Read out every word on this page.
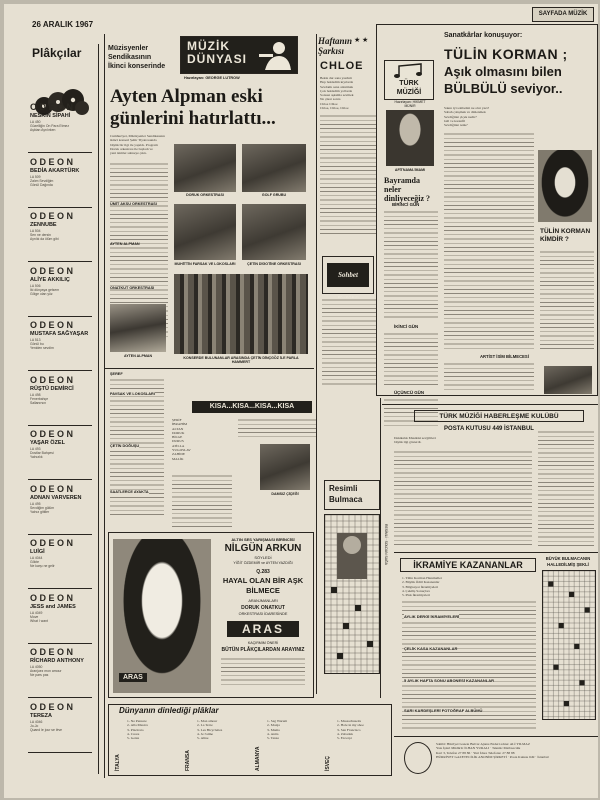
26 ARALIK 1967
SAYFADA MÜZİK
Plâkçılar	Müzisyenler
Sendikasının
İkinci konserinde
MÜZİK
DÜNYASI
Hazırlayan: GEORGE LUTROW
Ayten Alpman eski günlerini hatırlattı...
Cumhuriyet, Müzisyenler Sendikasının
ikinci konseri Şehir Tiyatrosunda
büyük bir ilgi ile yapıldı. Program
Doruk orkestrası ile başladı ve
yeni isimler sahneye çıktı.
ÜMİT AKSU ORKESTRASI
AYTEN ALPMAN
ONATKUT ORKESTRASI
DORUK ORKESTRASI	GOLF GRUBU
MUHİTTİN FARSAK VE LOKOSLARI	ÇETİN DİGOTİNE ORKESTRASI
AYTEN ALPMAN	KONSERDE BULUNANLAR ARASINDA ÇETİN DİNÇGÖZ İLE PARLA HAMMERT
ŞEREF
PAVSAK VE LOKOSLARI
ÇETİN DOĞUŞU
SAATLERCE AYAKTA
KISA...KISA...KISA...KISA
ŞERİF
İBRAHİM
ALTAN
DORUK
BİLGE
DURUS
ATİLLA
YUGOSLAV
ZAHİDE
MALİK
DAMSIZ ÇİÇEĞİ
ARAS
ALTIN SES YARIŞMASI BİRİNCİSİ
NİLGÜN ARKUN
SÖYLEDİ
YİĞİT ÖZDEMİR ve AYTEN YAZDIĞI
Q.283
HAYAL OLAN BİR AŞK
BİLMECE
ARANJMANLARI
DORUK ONATKUT
ORKESTRASI İDARESİNDE
ARAS
KAÇIRMIM ÖNERİ
BÜTÜN PLÂKÇILARDAN ARAYINIZ
Haftanın
Şarkısı
★ ★
CHLOE
Bekle dur sana yazdım
Hep bekledim kıyılarda
Sevdamı sana anlatmak
Çok bekledim yollarda
Sonsuz aşkımla sevmek
Ne çıkar sonra
Chloe Chloe
Chloe, Chloe, Chloe
Sohbet
Resimli
Bulmaca
RESİMLİ · SOLDAN SAĞA
TÜRK
MÜZİĞİ
Hazırlayan: HİKMET MÜNİR
AFİTNAMA İMAMI
Bayramda neler dinliyeceğiz ?
BİRİNCİ GÜN
İKİNCİ GÜN
ÜÇÜNCÜ GÜN
Sanatkârlar konuşuyor:
TÜLİN KORMAN ;
Aşık olmasını bilen
BÜLBÜLÜ seviyor..
Sakın iyi sohbetini ne olur yazı?
Sabah çalışmak ve dinlenmek
Sevdiğiniz çiçek nedir?
Gül ve karanfil
Sevdiğiniz renk?
TÜLİN KORMAN KİMDİR ?
ARTİST İSİM BİLMECESİ
TÜRK MÜZİĞİ HABERLEŞME KULÜBÜ
POSTA KUTUSU 449 İSTANBUL
Dakikalık Musikisi sevgilileri
büyük ilgi gösterdi.
İKRAMİYE KAZANANLAR
1. Tülin Korman Hanımeller
2. Büyük Ödül Kazananlar
3. Bilgisayar İkramiyeleri
4. Çekiliş Sonuçları
5. Plak İkramiyeleri
AYLIK DERGİ İKRAMİYELERİ
ÇELİK KASA KAZANANLAR
5 AYLIK HAFTA SONU ABONESİ KAZANANLAR
SARI KARDEŞLERİ FOTOĞRAF ALBÜMÜ
BÜYÜK BULMACANIN
HALLEDİLMİŞ ŞEKLİ
Dünyanın dinlediği plâklar
İTALYA
1- Ne Pensare
2- Alla Musica
3- Pizzicato
4- Cuore
5- Gente
FRANSA
1- Mon amour
2- La Terre
3- Les Bicyclettes
4- Je t'aime
5- Aline
ALMANYA
1- Sag Warum
2- Monja
3- Mama
4- Anita
5- Tanze
İSVEÇ
1- Massachusetts
2- Hole in my shoe
3- San Francisco
4- Zabadak
5- Excerpt
Sahibi: Hürriyet Gazete Bulvar Ajansı Enderi adına: ALİ YILMAZ
Yazı İşleri Müdürü: İLHAN YURALI · Teknik: Matbaacılık
Kart 3, Telefon 27 88 86 · Yurt İdare Telefonu: 27 88 88
HÜRRİYET GAZETECİLİK ANONİM ŞİRKETİ · Posta Kutusu 649 · İstanbul
ODEON
NESRİN SİPAHİ
LA 450
Güzelliğin On Para Etmez
Aşktan Ayrılırken
ODEON
BEDİA AKARTÜRK
LA 509
Zalım Sevdiğim
Gönül Dağında
ODEON
ZENNUBE
LA 504
Sen ne dersin
Ayrılık da ölüm gibi
ODEON
ALİYE AKKILIÇ
LA 506
İki dünyaya gelsem
Gölge olan yüz
ODEON
MUSTAFA SAĞYAŞAR
LA 513
Gönül bu
Yeniden sevdim
ODEON
RÜŞTÜ DEMİRCİ
LA 498
Fenerbahçe
Sallanırsın
ODEON
YAŞAR ÖZEL
LA 493
Dostlar Bahçesi
Yalnızlık
ODEON
ADNAN VARVEREN
LA 495
Sevdiğim gülüm
Yalnız gittiler
ODEON
LUİGİ
LA 4044
Gökte
Ne karşı ne gelir
ODEON
JESS and JAMES
LA 4049
Move
What I want
ODEON
RİCHARD ANTHONY
LA 4050
Aranjuez mon amour
Ne pars pas
ODEON
TEREZA
LA 4046
Jo-Jo
Quand le jour se lève
